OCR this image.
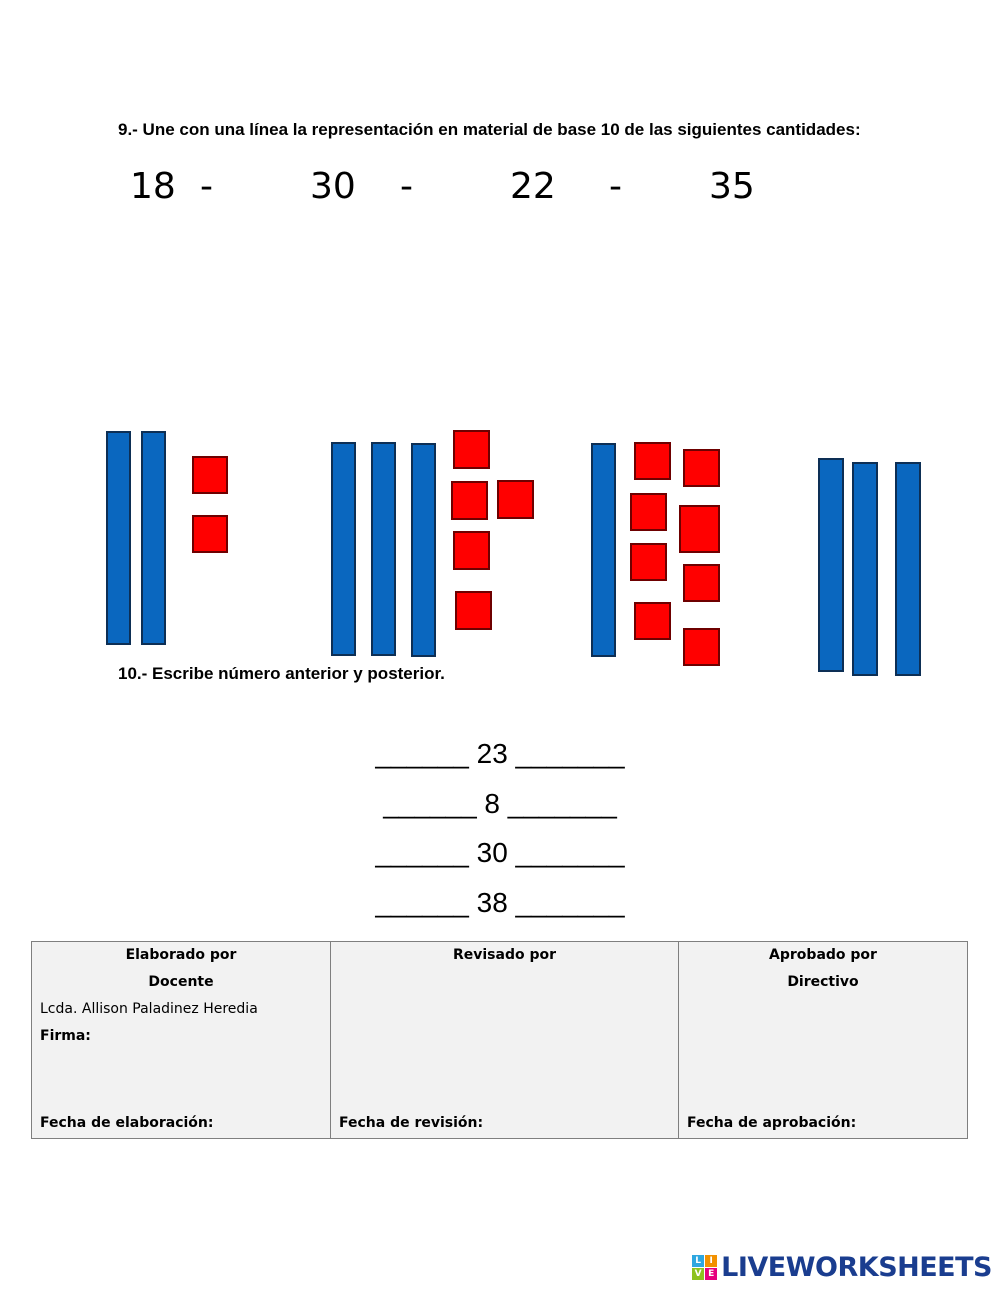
9.- Une con una línea la representación en material de base 10 de las siguientes cantidades:
18 -	30 -	22 - 35
10.- Escribe número anterior y posterior.
______ 23 _______
______ 8 _______
______ 30 _______
______ 38 _______
Elaborado por
Docente
Lcda. Allison Paladinez Heredia
Firma:
Fecha de elaboración:

Revisado por
Fecha de revisión:

Aprobado por
Directivo
Fecha de aprobación:
L I
V E LIVEWORKSHEETS
